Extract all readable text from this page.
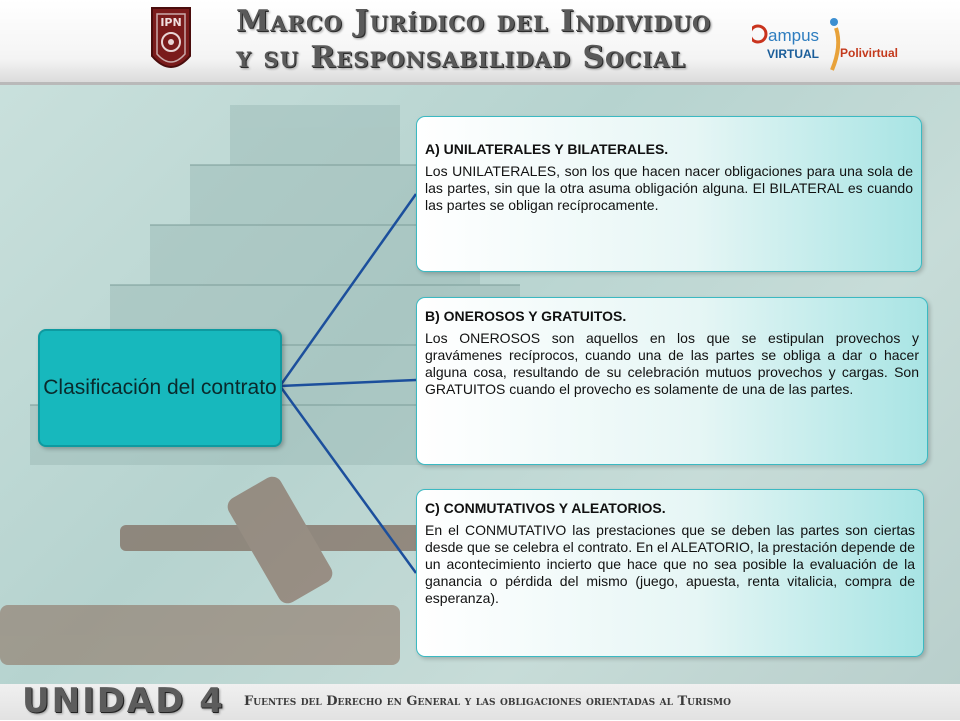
IPN Marco Jurídico del Individuo
y su Responsabilidad Social
ampus
VIRTUAL Polivirtual
Clasificación del contrato

A) UNILATERALES Y BILATERALES.

Los UNILATERALES, son los que hacen nacer obligaciones para una sola de las partes, sin que la otra asuma obligación alguna. El BILATERAL es cuando las partes se obligan recíprocamente.

B) ONEROSOS Y GRATUITOS.

Los ONEROSOS son aquellos en los que se estipulan provechos y gravámenes recíprocos, cuando una de las partes se obliga a dar o hacer alguna cosa, resultando de su celebración mutuos provechos y cargas. Son GRATUITOS cuando el provecho es solamente de una de las partes.

C) CONMUTATIVOS Y ALEATORIOS.

En el CONMUTATIVO las prestaciones que se deben las partes son ciertas desde que se celebra el contrato. En el ALEATORIO, la prestación depende de un acontecimiento incierto que hace que no sea posible la evaluación de la ganancia o pérdida del mismo (juego, apuesta, renta vitalicia, compra de esperanza).

UNIDAD 4 Fuentes del Derecho en General y las obligaciones orientadas al Turismo
